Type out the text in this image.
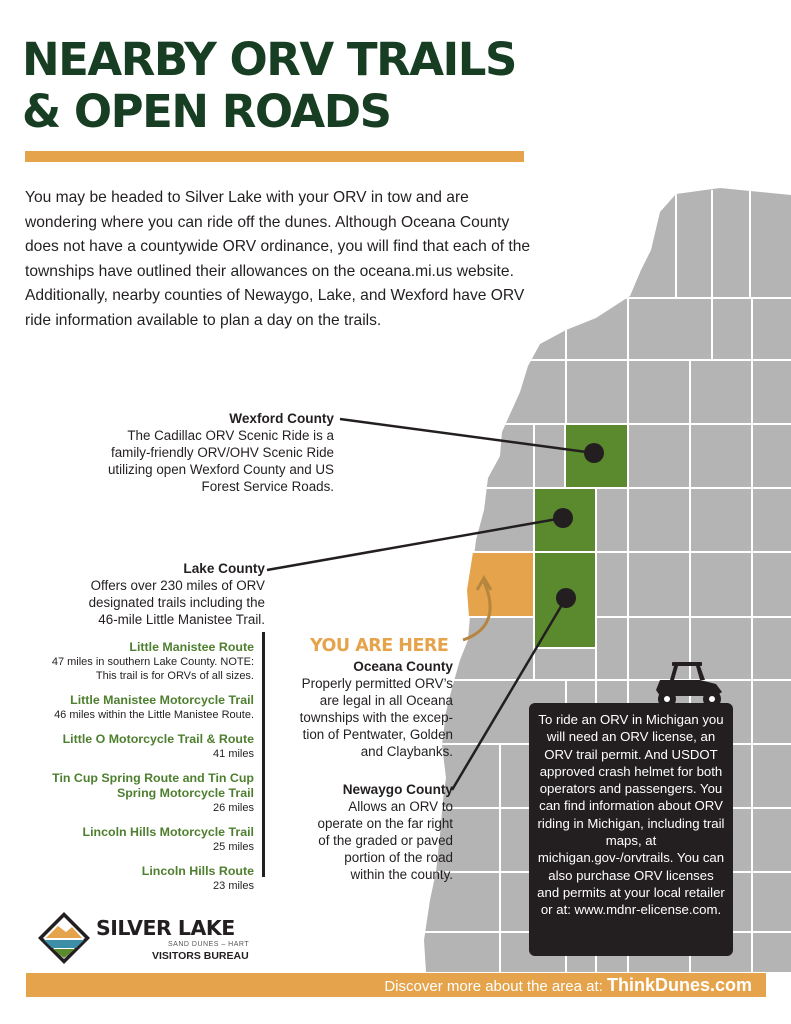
NEARBY ORV TRAILS
& OPEN ROADS

You may be headed to Silver Lake with your ORV in tow and are wondering where you can ride off the dunes. Although Oceana County does not have a countywide ORV ordinance, you will find that each of the townships have outlined their allowances on the oceana.mi.us website. Additionally, nearby counties of Newaygo, Lake, and Wexford have ORV ride information available to plan a day on the trails.

Wexford County
The Cadillac ORV Scenic Ride is a
family-friendly ORV/OHV Scenic Ride
utilizing open Wexford County and US
Forest Service Roads.
Lake County
Offers over 230 miles of ORV
designated trails including the
46-mile Little Manistee Trail.
Little Manistee Route
47 miles in southern Lake County. NOTE: This trail is for ORVs of all sizes.
Little Manistee Motorcycle Trail
46 miles within the Little Manistee Route.
Little O Motorcycle Trail & Route
41 miles
Tin Cup Spring Route and Tin Cup Spring Motorcycle Trail
26 miles
Lincoln Hills Motorcycle Trail
25 miles
Lincoln Hills Route
23 miles

YOU ARE HERE

Oceana County
Properly permitted ORV’s
are legal in all Oceana
townships with the excep-
tion of Pentwater, Golden
and Claybanks.
Newaygo County
Allows an ORV to
operate on the far right
of the graded or paved
portion of the road
within the county.
To ride an ORV in Michigan you will need an ORV license, an ORV trail permit. And USDOT approved crash helmet for both operators and passengers. You can find information about ORV riding in Michigan, including trail maps, at michigan.gov-/orvtrails. You can also purchase ORV licenses and permits at your local retailer or at: www.mdnr-elicense.com.
SILVER LAKE
SAND DUNES – HART
VISITORS BUREAU
Discover more about the area at: ThinkDunes.com
